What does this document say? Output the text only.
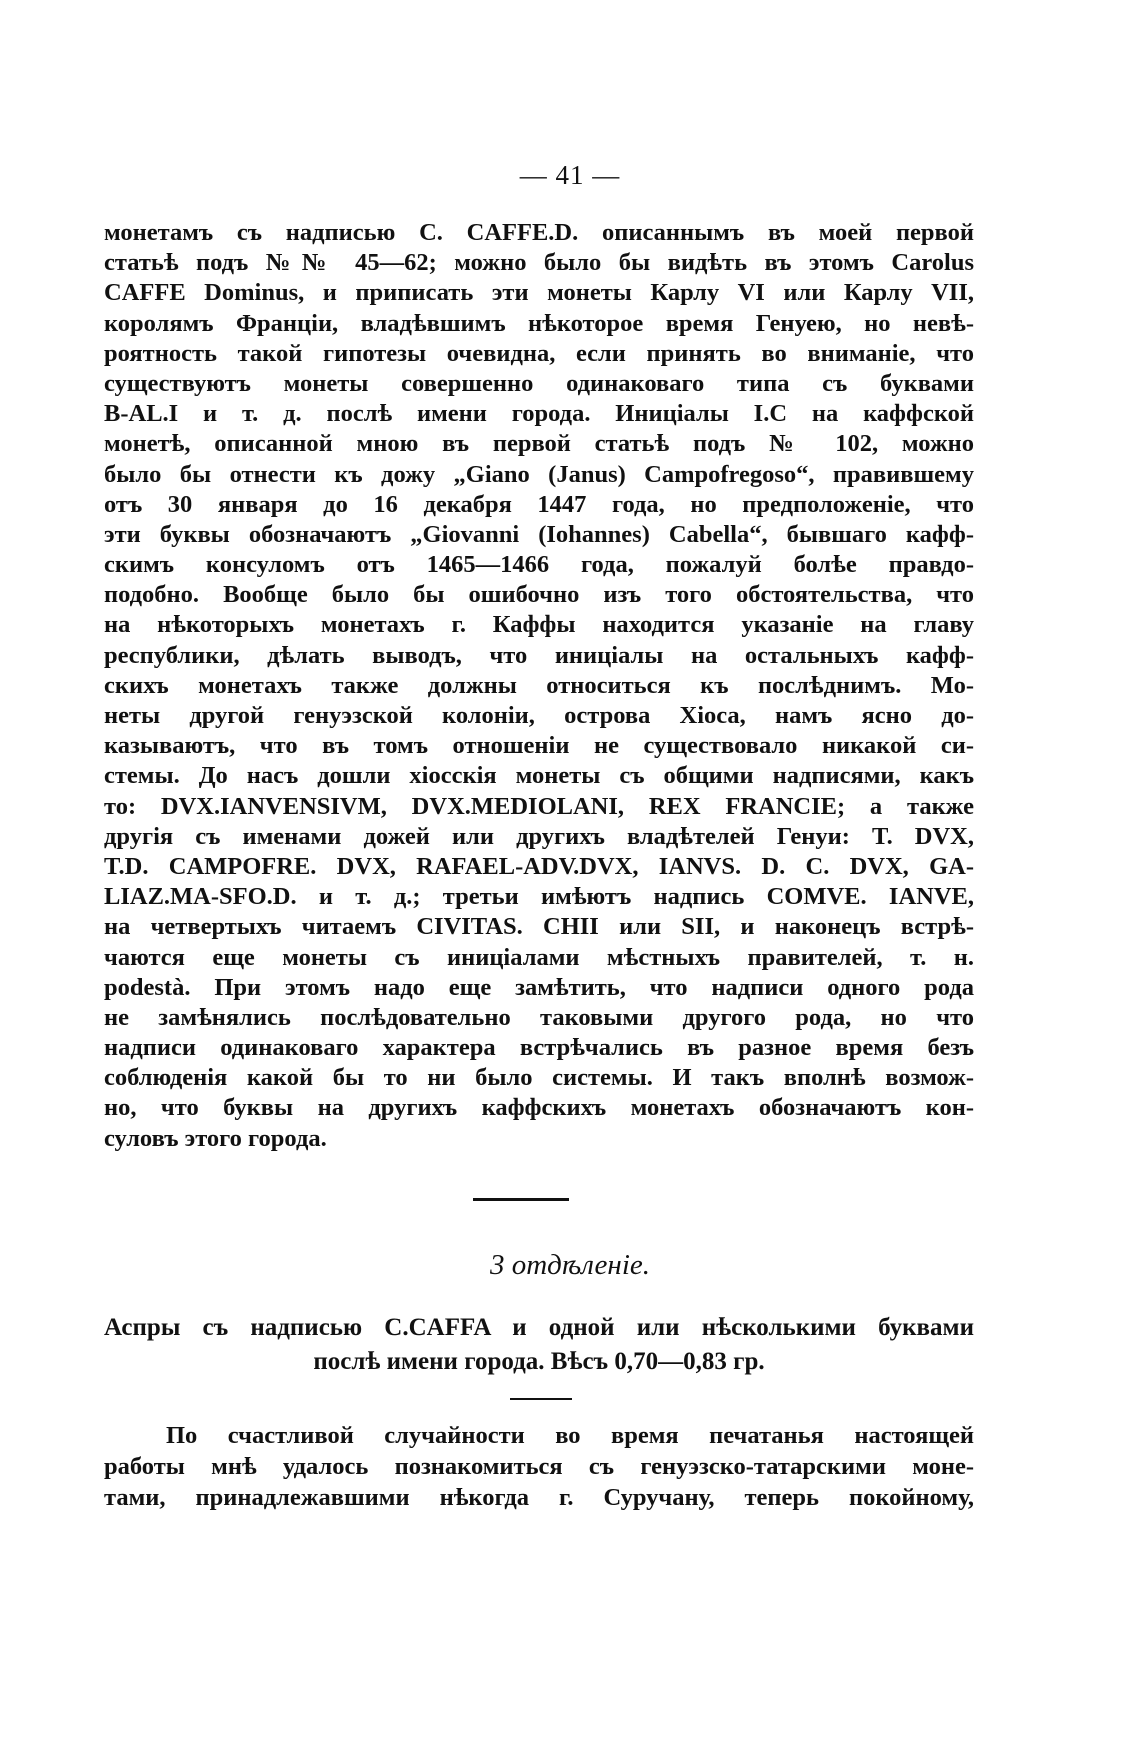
— 41 —
монетамъ съ надписью C. CAFFE.D. описаннымъ въ моей первой
статьѣ подъ №№ 45—62; можно было бы видѣть въ этомъ Carolus
CAFFE Dominus, и приписать эти монеты Карлу VI или Карлу VII,
королямъ Франціи, владѣвшимъ нѣкоторое время Генуею, но невѣ-
роятность такой гипотезы очевидна, если принять во вниманіе, что
существуютъ монеты совершенно одинаковаго типа съ буквами
B-AL.I и т. д. послѣ имени города. Иниціалы I.C на каффской
монетѣ, описанной мною въ первой статьѣ подъ № 102, можно
было бы отнести къ дожу „Giano (Janus) Campofregoso“, правившему
отъ 30 января до 16 декабря 1447 года, но предположеніе, что
эти буквы обозначаютъ „Giovanni (Iohannes) Cabella“, бывшаго кафф-
скимъ консуломъ отъ 1465—1466 года, пожалуй болѣе правдо-
подобно. Вообще было бы ошибочно изъ того обстоятельства, что
на нѣкоторыхъ монетахъ г. Каффы находится указаніе на главу
республики, дѣлать выводъ, что иниціалы на остальныхъ кафф-
скихъ монетахъ также должны относиться къ послѣднимъ. Мо-
неты другой генуэзской колоніи, острова Хіоса, намъ ясно до-
казываютъ, что въ томъ отношеніи не существовало никакой си-
стемы. До насъ дошли хіосскія монеты съ общими надписями, какъ
то: DVX.IANVENSIVM, DVX.MEDIOLANI, REX FRANCIE; а также
другія съ именами дожей или другихъ владѣтелей Генуи: T. DVX,
T.D. CAMPOFRE. DVX, RAFAEL-ADV.DVX, IANVS. D. C. DVX, GA-
LIAZ.MA-SFO.D. и т. д.; третьи имѣютъ надпись COMVE. IANVE,
на четвертыхъ читаемъ CIVITAS. CHII или SII, и наконецъ встрѣ-
чаются еще монеты съ иниціалами мѣстныхъ правителей, т. н.
podestà. При этомъ надо еще замѣтить, что надписи одного рода
не замѣнялись послѣдовательно таковыми другого рода, но что
надписи одинаковаго характера встрѣчались въ разное время безъ
соблюденія какой бы то ни было системы. И такъ вполнѣ возмож-
но, что буквы на другихъ каффскихъ монетахъ обозначаютъ кон-
суловъ этого города.
3 отдѣленіе.
Аспры съ надписью C.CAFFA и одной или нѣсколькими буквами
послѣ имени города. Вѣсъ 0,70—0,83 гр.
По счастливой случайности во время печатанья настоящей
работы мнѣ удалось познакомиться съ генуэзско-татарскими моне-
тами, принадлежавшими нѣкогда г. Суручану, теперь покойному,
